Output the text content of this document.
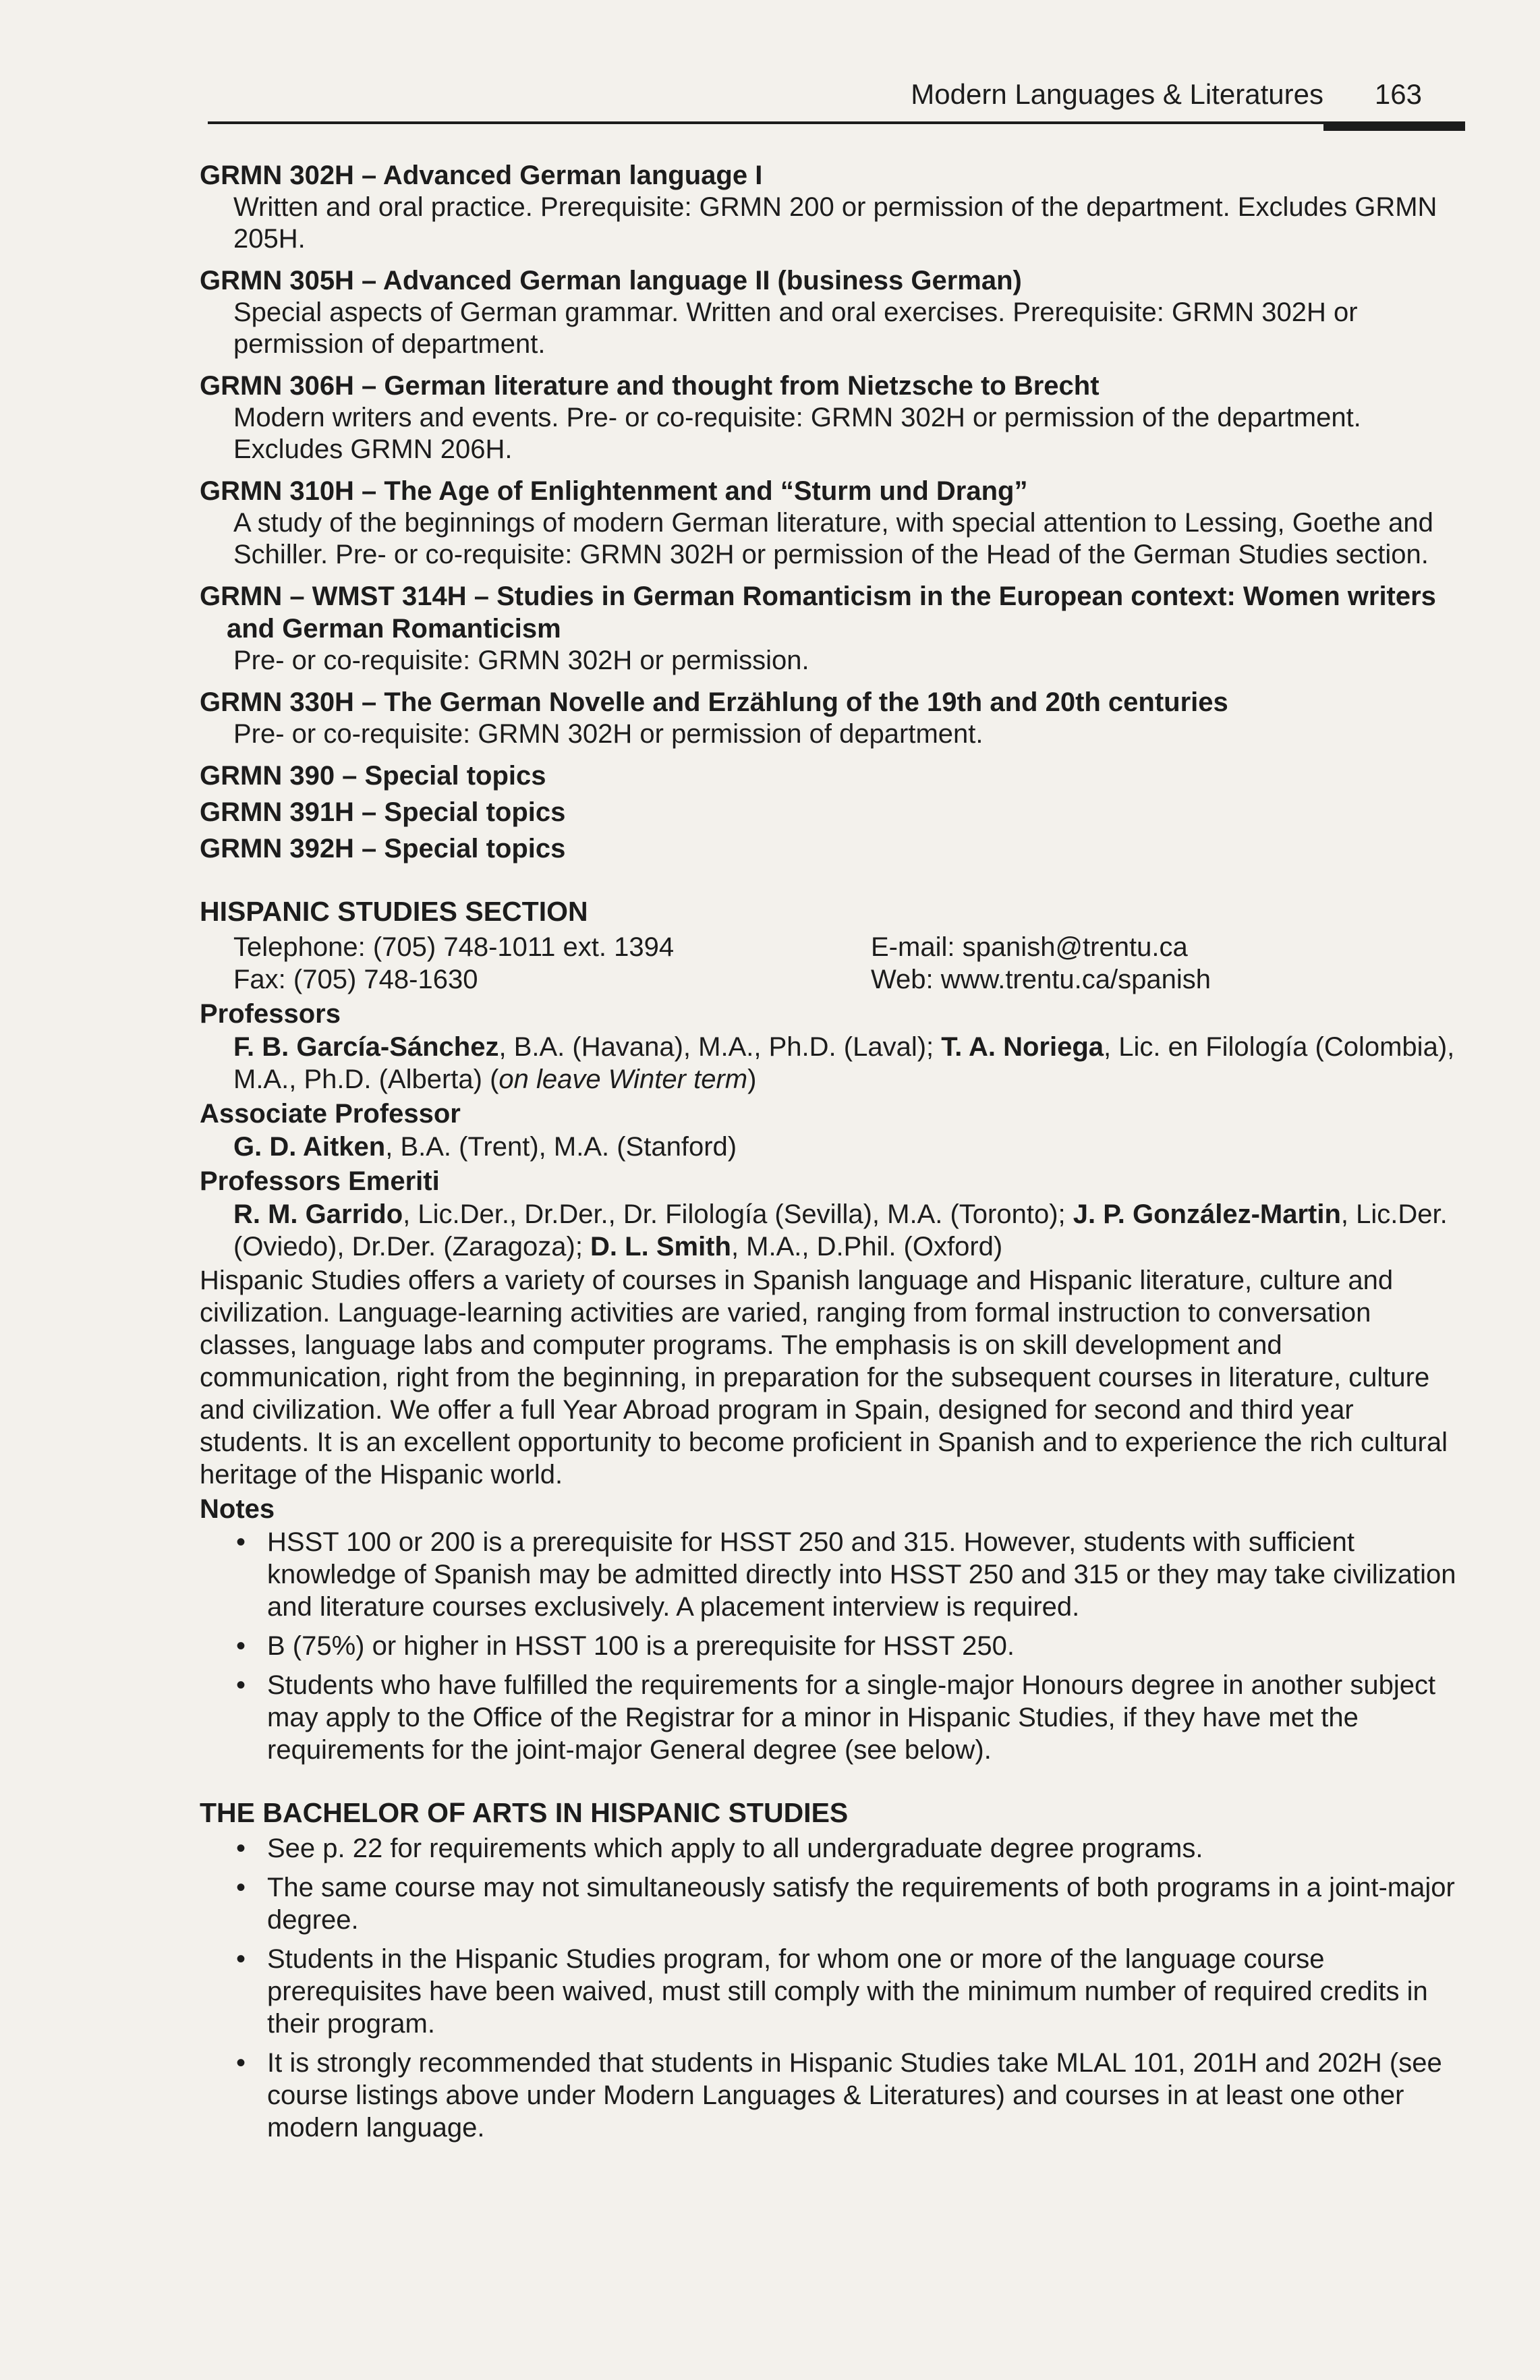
Modern Languages & Literatures 163

GRMN 302H – Advanced German language I

Written and oral practice. Prerequisite: GRMN 200 or permission of the department. Excludes GRMN 205H.

GRMN 305H – Advanced German language II (business German)

Special aspects of German grammar. Written and oral exercises. Prerequisite: GRMN 302H or permission of department.

GRMN 306H – German literature and thought from Nietzsche to Brecht

Modern writers and events. Pre- or co-requisite: GRMN 302H or permission of the department. Excludes GRMN 206H.

GRMN 310H – The Age of Enlightenment and “Sturm und Drang”

A study of the beginnings of modern German literature, with special attention to Lessing, Goethe and Schiller. Pre- or co-requisite: GRMN 302H or permission of the Head of the German Studies section.

GRMN – WMST 314H – Studies in German Romanticism in the European context: Women writers and German Romanticism

Pre- or co-requisite: GRMN 302H or permission.

GRMN 330H – The German Novelle and Erzählung of the 19th and 20th centuries

Pre- or co-requisite: GRMN 302H or permission of department.

GRMN 390 – Special topics

GRMN 391H – Special topics

GRMN 392H – Special topics

HISPANIC STUDIES SECTION
Telephone: (705) 748-1011 ext. 1394	E-mail: spanish@trentu.ca
Fax: (705) 748-1630	Web: www.trentu.ca/spanish

Professors

F. B. García-Sánchez, B.A. (Havana), M.A., Ph.D. (Laval); T. A. Noriega, Lic. en Filología (Colombia), M.A., Ph.D. (Alberta) (on leave Winter term)

Associate Professor

G. D. Aitken, B.A. (Trent), M.A. (Stanford)

Professors Emeriti

R. M. Garrido, Lic.Der., Dr.Der., Dr. Filología (Sevilla), M.A. (Toronto); J. P. González-Martin, Lic.Der. (Oviedo), Dr.Der. (Zaragoza); D. L. Smith, M.A., D.Phil. (Oxford)

Hispanic Studies offers a variety of courses in Spanish language and Hispanic literature, culture and civilization. Language-learning activities are varied, ranging from formal instruction to conversation classes, language labs and computer programs. The emphasis is on skill development and communication, right from the beginning, in preparation for the subsequent courses in literature, culture and civilization. We offer a full Year Abroad program in Spain, designed for second and third year students. It is an excellent opportunity to become proficient in Spanish and to experience the rich cultural heritage of the Hispanic world.

Notes

• HSST 100 or 200 is a prerequisite for HSST 250 and 315. However, students with sufficient knowledge of Spanish may be admitted directly into HSST 250 and 315 or they may take civilization and literature courses exclusively. A placement interview is required.
• B (75%) or higher in HSST 100 is a prerequisite for HSST 250.
• Students who have fulfilled the requirements for a single-major Honours degree in another subject may apply to the Office of the Registrar for a minor in Hispanic Studies, if they have met the requirements for the joint-major General degree (see below).
THE BACHELOR OF ARTS IN HISPANIC STUDIES
• See p. 22 for requirements which apply to all undergraduate degree programs.
• The same course may not simultaneously satisfy the requirements of both programs in a joint-major degree.
• Students in the Hispanic Studies program, for whom one or more of the language course prerequisites have been waived, must still comply with the minimum number of required credits in their program.
• It is strongly recommended that students in Hispanic Studies take MLAL 101, 201H and 202H (see course listings above under Modern Languages & Literatures) and courses in at least one other modern language.
